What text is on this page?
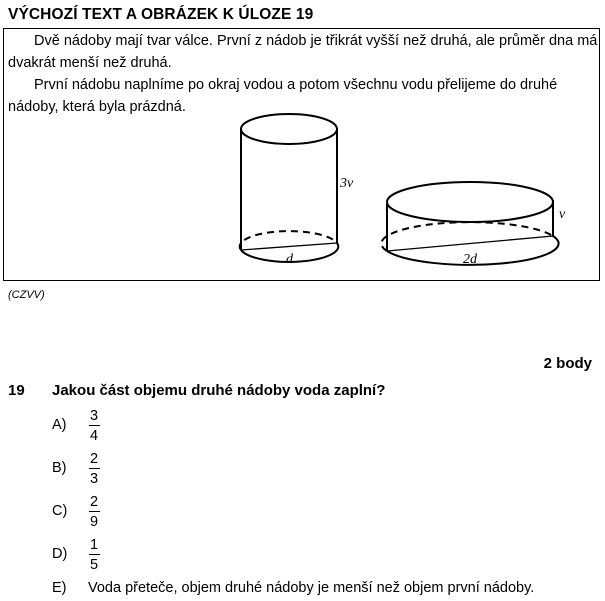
VÝCHOZÍ TEXT A OBRÁZEK K ÚLOZE 19

Dvě nádoby mají tvar válce. První z nádob je třikrát vyšší než druhá, ale průměr dna má dvakrát menší než druhá.

První nádobu naplníme po okraj vodou a potom všechnu vodu přelijeme do druhé nádoby, která byla prázdná.

3v
d
v
2d
(CZVV)
2 body
19 Jakou část objemu druhé nádoby voda zaplní?
A)
3
4
B)
2
3
C)
2
9
D)
1
5
E) Voda přeteče, objem druhé nádoby je menší než objem první nádoby.
